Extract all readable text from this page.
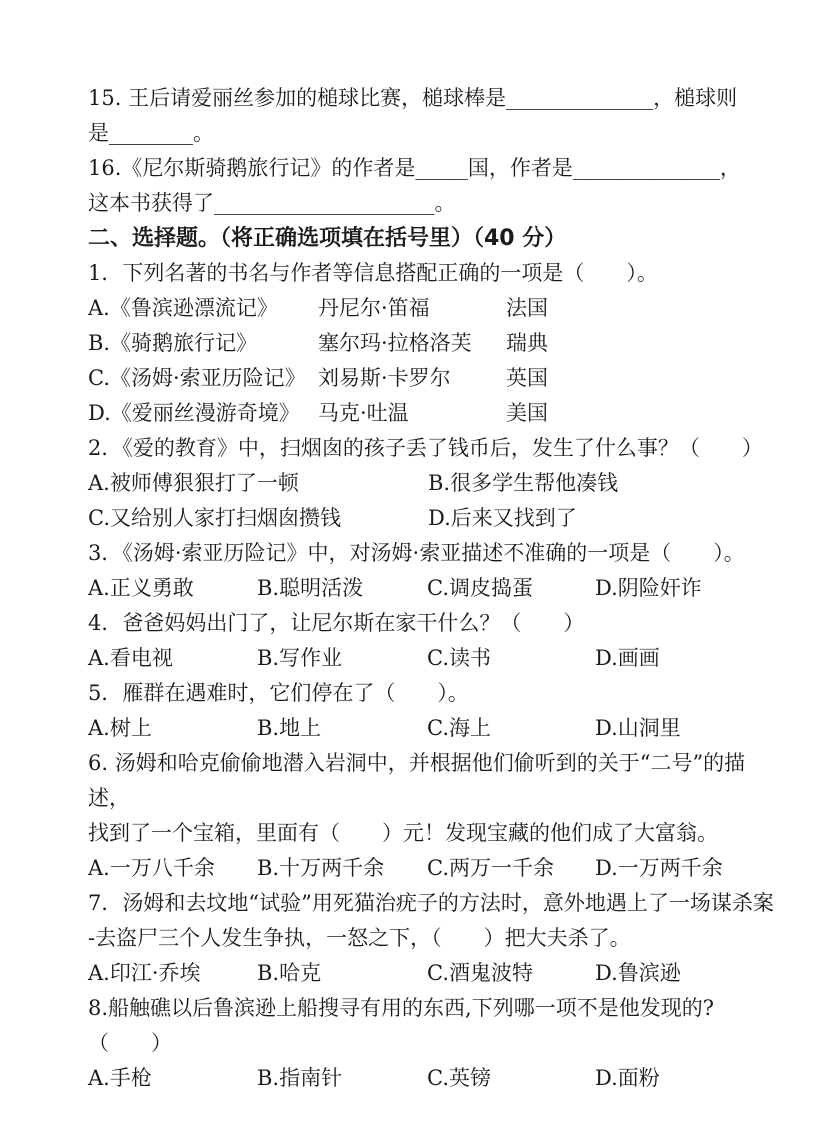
15. 王后请爱丽丝参加的槌球比赛，槌球棒是______________，槌球则
是________。
16.《尼尔斯骑鹅旅行记》的作者是_____国，作者是______________，
这本书获得了_____________________。
二、选择题。（将正确选项填在括号里）（40 分）
1．下列名著的书名与作者等信息搭配正确的一项是（　　）。
A.《鲁滨逊漂流记》	丹尼尔·笛福	法国
B.《骑鹅旅行记》	塞尔玛·拉格洛芙	瑞典
C.《汤姆·索亚历险记》 刘易斯·卡罗尔	英国
D.《爱丽丝漫游奇境》 马克·吐温	美国
2．《爱的教育》中，扫烟囱的孩子丢了钱币后，发生了什么事？（　　）
A.被师傅狠狠打了一顿	B.很多学生帮他凑钱
C.又给别人家打扫烟囱攒钱	D.后来又找到了
3．《汤姆·索亚历险记》中，对汤姆·索亚描述不准确的一项是（　　）。
A.正义勇敢	B.聪明活泼	C.调皮捣蛋	D.阴险奸诈
4．爸爸妈妈出门了，让尼尔斯在家干什么？（　　）
A.看电视	B.写作业	C.读书	D.画画
5．雁群在遇难时，它们停在了（　　）。
A.树上	B.地上	C.海上	D.山洞里
6. 汤姆和哈克偷偷地潜入岩洞中，并根据他们偷听到的关于“二号”的描述，
找到了一个宝箱，里面有（　　）元！发现宝藏的他们成了大富翁。
A.一万八千余	B.十万两千余	C.两万一千余	D.一万两千余
7．汤姆和去坟地“试验”用死猫治疣子的方法时，意外地遇上了一场谋杀案
-去盗尸三个人发生争执，一怒之下，（　　）把大夫杀了。
A.印江·乔埃	B.哈克	C.酒鬼波特	D.鲁滨逊
8.船触礁以后鲁滨逊上船搜寻有用的东西,下列哪一项不是他发现的?（　　）
A.手枪	B.指南针	C.英镑	D.面粉
